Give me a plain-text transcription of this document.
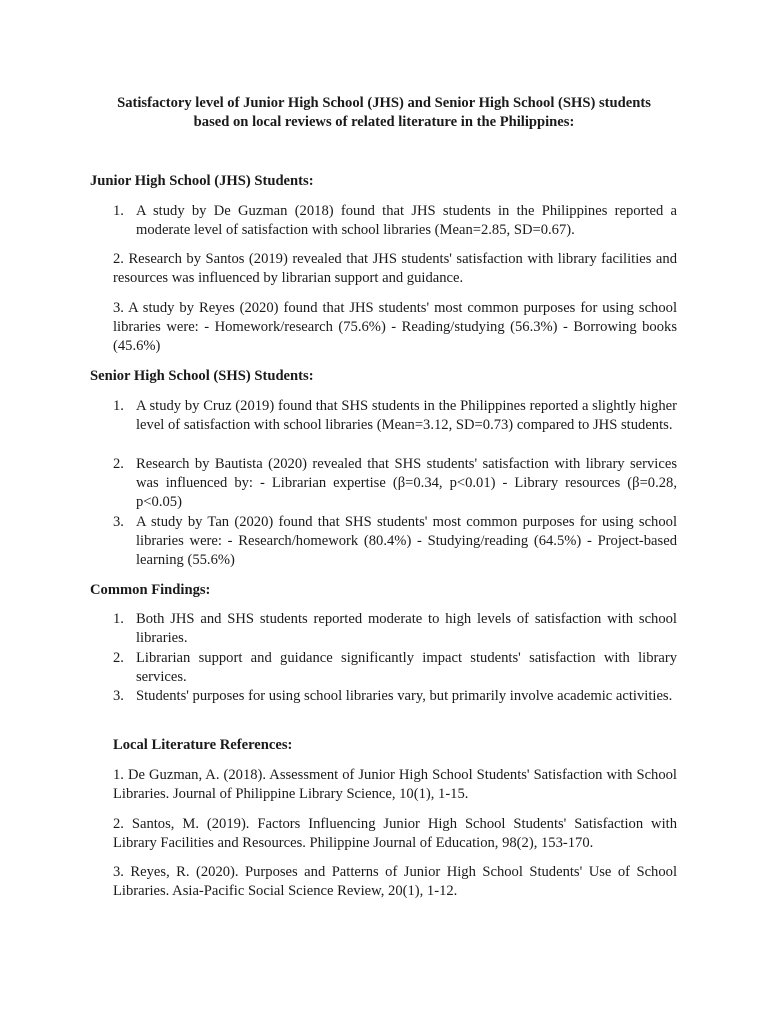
Satisfactory level of Junior High School (JHS) and Senior High School (SHS) students
based on local reviews of related literature in the Philippines:
Junior High School (JHS) Students:
1. A study by De Guzman (2018) found that JHS students in the Philippines reported a moderate level of satisfaction with school libraries (Mean=2.85, SD=0.67).

2. Research by Santos (2019) revealed that JHS students' satisfaction with library facilities and resources was influenced by librarian support and guidance.

3. A study by Reyes (2020) found that JHS students' most common purposes for using school libraries were: - Homework/research (75.6%) - Reading/studying (56.3%) - Borrowing books (45.6%)

Senior High School (SHS) Students:
1. A study by Cruz (2019) found that SHS students in the Philippines reported a slightly higher level of satisfaction with school libraries (Mean=3.12, SD=0.73) compared to JHS students.
2. Research by Bautista (2020) revealed that SHS students' satisfaction with library services was influenced by: - Librarian expertise (β=0.34, p<0.01) - Library resources (β=0.28, p<0.05)
3. A study by Tan (2020) found that SHS students' most common purposes for using school libraries were: - Research/homework (80.4%) - Studying/reading (64.5%) - Project-based learning (55.6%)
Common Findings:
1. Both JHS and SHS students reported moderate to high levels of satisfaction with school libraries.
2. Librarian support and guidance significantly impact students' satisfaction with library services.
3. Students' purposes for using school libraries vary, but primarily involve academic activities.
Local Literature References:

1. De Guzman, A. (2018). Assessment of Junior High School Students' Satisfaction with School Libraries. Journal of Philippine Library Science, 10(1), 1-15.

2. Santos, M. (2019). Factors Influencing Junior High School Students' Satisfaction with Library Facilities and Resources. Philippine Journal of Education, 98(2), 153-170.

3. Reyes, R. (2020). Purposes and Patterns of Junior High School Students' Use of School Libraries. Asia-Pacific Social Science Review, 20(1), 1-12.
